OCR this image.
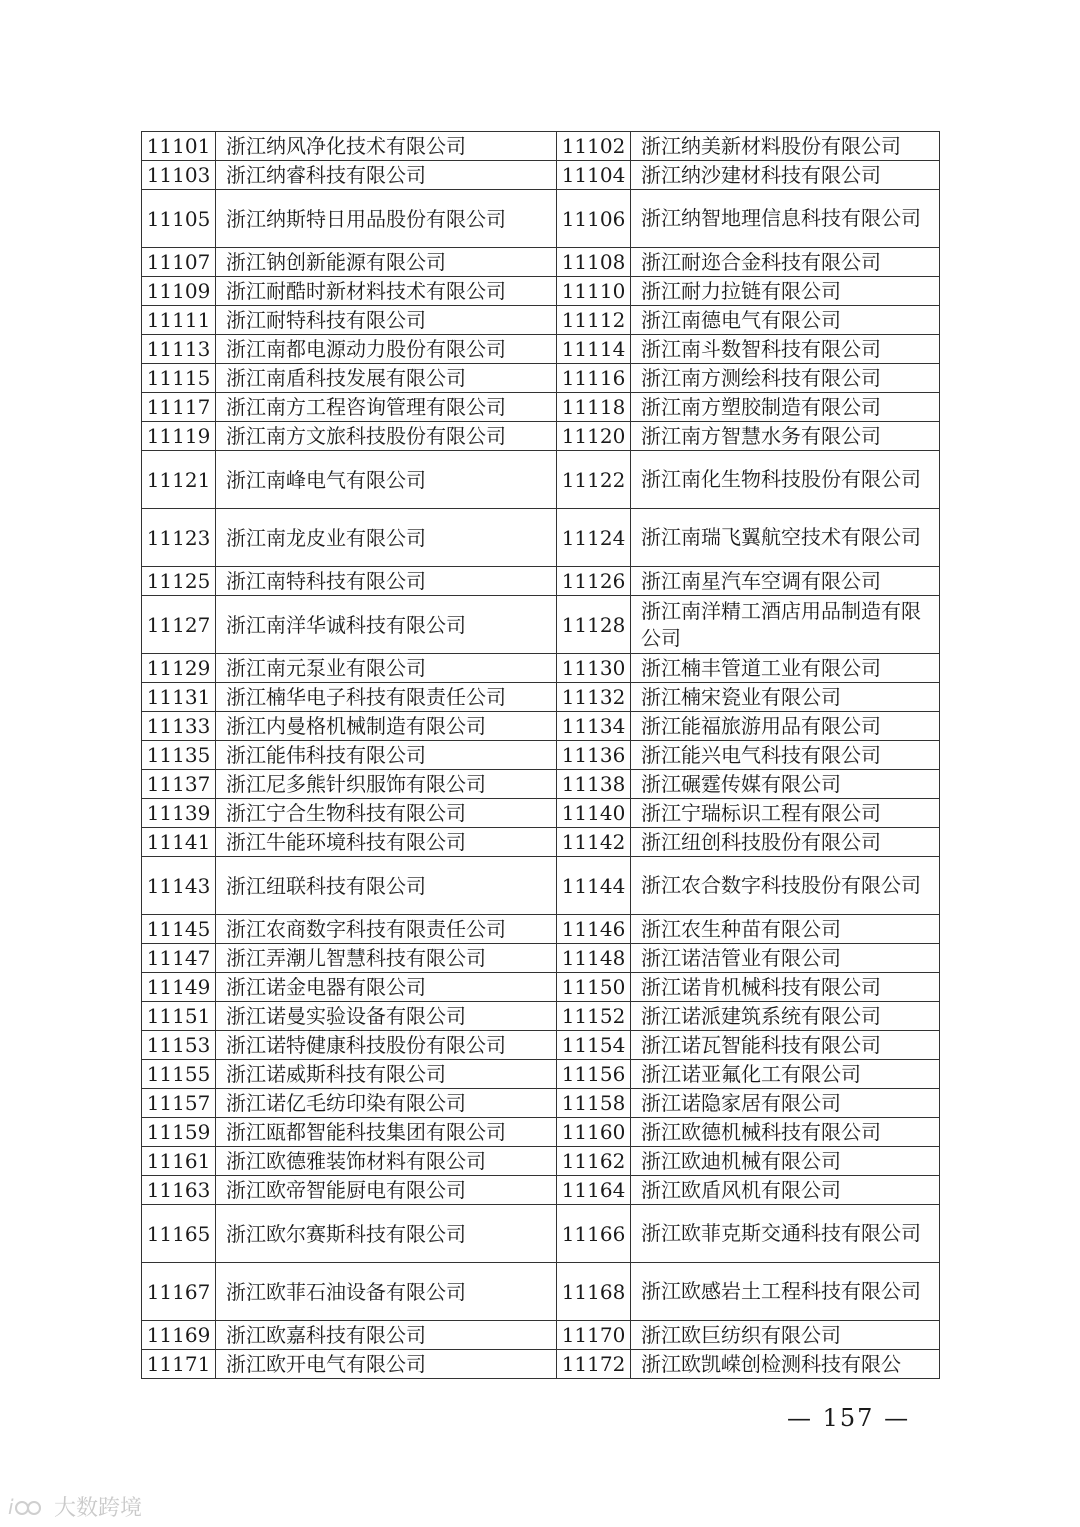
11101	浙江纳风净化技术有限公司	11102	浙江纳美新材料股份有限公司
11103	浙江纳睿科技有限公司	11104	浙江纳沙建材科技有限公司
11105	浙江纳斯特日用品股份有限公司	11106	浙江纳智地理信息科技有限公司
11107	浙江钠创新能源有限公司	11108	浙江耐迩合金科技有限公司
11109	浙江耐酷时新材料技术有限公司	11110	浙江耐力拉链有限公司
11111	浙江耐特科技有限公司	11112	浙江南德电气有限公司
11113	浙江南都电源动力股份有限公司	11114	浙江南斗数智科技有限公司
11115	浙江南盾科技发展有限公司	11116	浙江南方测绘科技有限公司
11117	浙江南方工程咨询管理有限公司	11118	浙江南方塑胶制造有限公司
11119	浙江南方文旅科技股份有限公司	11120	浙江南方智慧水务有限公司
11121	浙江南峰电气有限公司	11122	浙江南化生物科技股份有限公司
11123	浙江南龙皮业有限公司	11124	浙江南瑞飞翼航空技术有限公司
11125	浙江南特科技有限公司	11126	浙江南星汽车空调有限公司
11127	浙江南洋华诚科技有限公司	11128	浙江南洋精工酒店用品制造有限公司
11129	浙江南元泵业有限公司	11130	浙江楠丰管道工业有限公司
11131	浙江楠华电子科技有限责任公司	11132	浙江楠宋瓷业有限公司
11133	浙江内曼格机械制造有限公司	11134	浙江能福旅游用品有限公司
11135	浙江能伟科技有限公司	11136	浙江能兴电气科技有限公司
11137	浙江尼多熊针织服饰有限公司	11138	浙江碾霆传媒有限公司
11139	浙江宁合生物科技有限公司	11140	浙江宁瑞标识工程有限公司
11141	浙江牛能环境科技有限公司	11142	浙江纽创科技股份有限公司
11143	浙江纽联科技有限公司	11144	浙江农合数字科技股份有限公司
11145	浙江农商数字科技有限责任公司	11146	浙江农生种苗有限公司
11147	浙江弄潮儿智慧科技有限公司	11148	浙江诺洁管业有限公司
11149	浙江诺金电器有限公司	11150	浙江诺肯机械科技有限公司
11151	浙江诺曼实验设备有限公司	11152	浙江诺派建筑系统有限公司
11153	浙江诺特健康科技股份有限公司	11154	浙江诺瓦智能科技有限公司
11155	浙江诺威斯科技有限公司	11156	浙江诺亚氟化工有限公司
11157	浙江诺亿毛纺印染有限公司	11158	浙江诺隐家居有限公司
11159	浙江瓯都智能科技集团有限公司	11160	浙江欧德机械科技有限公司
11161	浙江欧德雅装饰材料有限公司	11162	浙江欧迪机械有限公司
11163	浙江欧帝智能厨电有限公司	11164	浙江欧盾风机有限公司
11165	浙江欧尔赛斯科技有限公司	11166	浙江欧菲克斯交通科技有限公司
11167	浙江欧菲石油设备有限公司	11168	浙江欧感岩土工程科技有限公司
11169	浙江欧嘉科技有限公司	11170	浙江欧巨纺织有限公司
11171	浙江欧开电气有限公司	11172	浙江欧凯嵘创检测科技有限公
— 157 —
i 大数跨境
